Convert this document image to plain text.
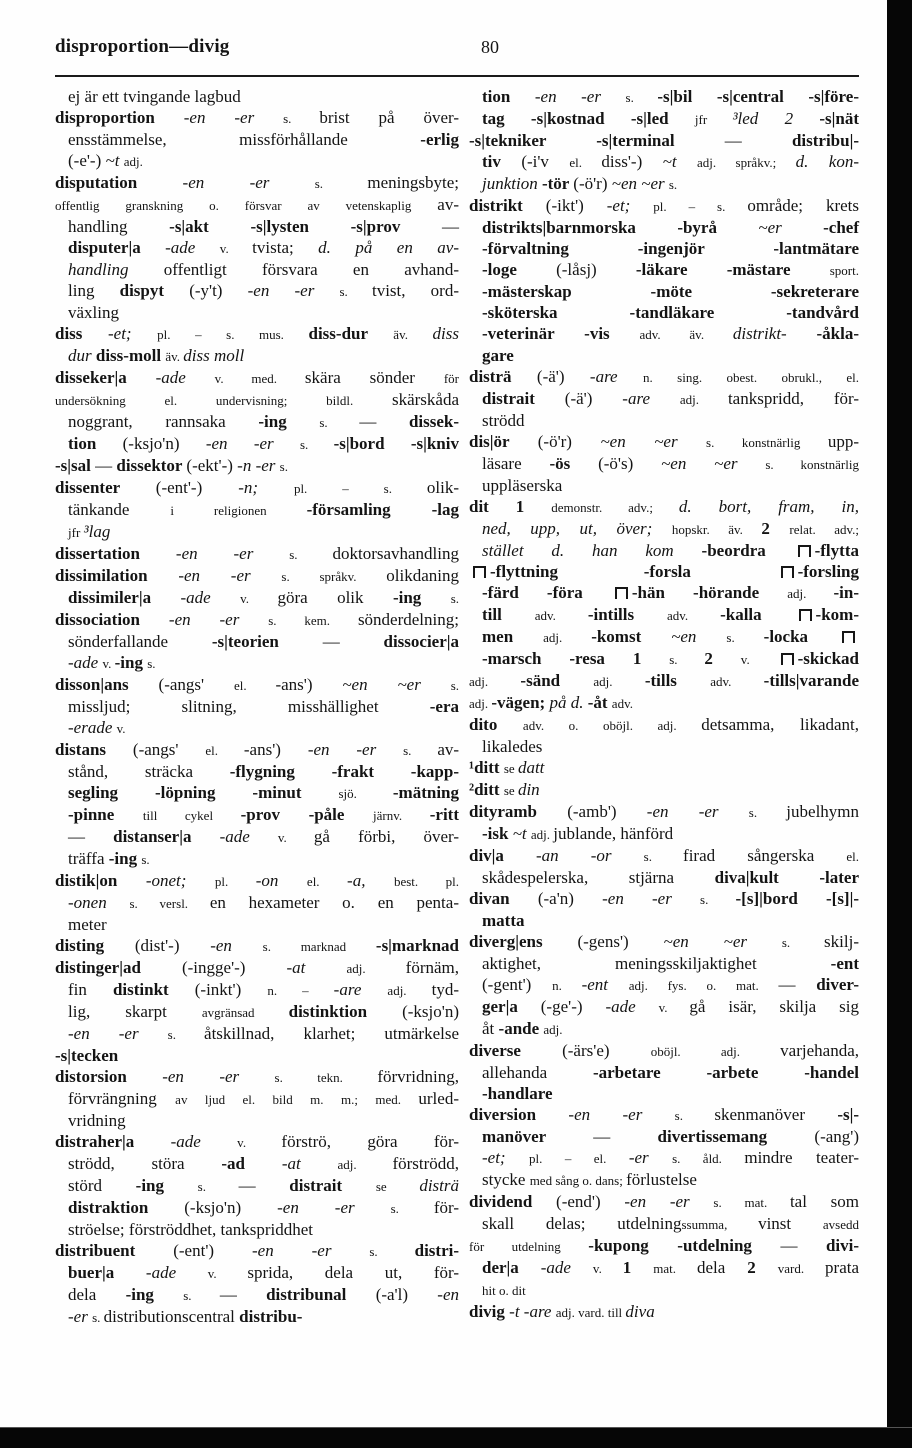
disproportion—divig	80
ej är ett tvingande lagbud
disproportion -en -er s. brist på över-
ensstämmelse, missförhållande -erlig
(-e'-) ~t adj.
disputation -en -er s. meningsbyte;
offentlig granskning o. försvar av vetenskaplig av-
handling -s|akt -s|lysten -s|prov —
disputer|a -ade v. tvista; d. på en av-
handling offentligt försvara en avhand-
ling dispyt (-y't) -en -er s. tvist, ord-
växling
diss -et; pl. – s. mus. diss-dur äv. diss
dur diss-moll äv. diss moll
disseker|a -ade v. med. skära sönder för
undersökning el. undervisning; bildl. skärskåda
noggrant, rannsaka -ing s. — dissek-
tion (-ksjo'n) -en -er s. -s|bord -s|kniv
-s|sal — dissektor (-ekt'-) -n -er s.
dissenter (-ent'-) -n; pl. – s. olik-
tänkande i religionen -församling -lag
jfr ³lag
dissertation -en -er s. doktorsavhandling
dissimilation -en -er s. språkv. olikdaning
dissimiler|a -ade v. göra olik -ing s.
dissociation -en -er s. kem. sönderdelning;
sönderfallande -s|teorien — dissocier|a
-ade v. -ing s.
disson|ans (-angs' el. -ans') ~en ~er s.
missljud; slitning, misshällighet -era
-erade v.
distans (-angs' el. -ans') -en -er s. av-
stånd, sträcka -flygning -frakt -kapp-
segling -löpning -minut sjö. -mätning
-pinne till cykel -prov -påle järnv. -ritt
— distanser|a -ade v. gå förbi, över-
träffa -ing s.
distik|on -onet; pl. -on el. -a, best. pl.
-onen s. versl. en hexameter o. en penta-
meter
disting (dist'-) -en s. marknad -s|marknad
distinger|ad (-ingge'-) -at adj. förnäm,
fin distinkt (-inkt') n. – -are adj. tyd-
lig, skarpt avgränsad distinktion (-ksjo'n)
-en -er s. åtskillnad, klarhet; utmärkelse
-s|tecken
distorsion -en -er s. tekn. förvridning,
förvrängning av ljud el. bild m. m.; med. urled-
vridning
distraher|a -ade v. förströ, göra för-
strödd, störa -ad -at adj. förströdd,
störd -ing s. — distrait se disträ
distraktion (-ksjo'n) -en -er s. för-
ströelse; förströddhet, tankspriddhet
distribuent (-ent') -en -er s. distri-
buer|a -ade v. sprida, dela ut, för-
dela -ing s. — distribunal (-a'l) -en
-er s. distributionscentral distribu-
tion -en -er s. -s|bil -s|central -s|före-
tag -s|kostnad -s|led jfr ³led 2 -s|nät
-s|tekniker -s|terminal — distribu|-
tiv (-i'v el. diss'-) ~t adj. språkv.; d. kon-
junktion -tör (-ö'r) ~en ~er s.
distrikt (-ikt') -et; pl. – s. område; krets
distrikts|barnmorska -byrå ~er -chef
-förvaltning -ingenjör -lantmätare
-loge (-låsj) -läkare -mästare sport.
-mästerskap -möte -sekreterare
-sköterska -tandläkare -tandvård
-veterinär -vis adv. äv. distrikt- -åkla-
gare
disträ (-ä') -are n. sing. obest. obrukl., el.
distrait (-ä') -are adj. tankspridd, för-
strödd
dis|ör (-ö'r) ~en ~er s. konstnärlig upp-
läsare -ös (-ö's) ~en ~er s. konstnärlig
uppläserska
dit 1 demonstr. adv.; d. bort, fram, in,
ned, upp, ut, över; hopskr. äv. 2 relat. adv.;
stället d. han kom -beordra -flytta
-flyttning -forsla -forsling
-färd -föra -hän -hörande adj. -in-
till adv. -intills adv. -kalla -kom-
men adj. -komst ~en s. -locka
-marsch -resa 1 s. 2 v. -skickad
adj. -sänd adj. -tills adv. -tills|varande
adj. -vägen; på d. -åt adv.
dito adv. o. oböjl. adj. detsamma, likadant,
likaledes
¹ditt se datt
²ditt se din
dityramb (-amb') -en -er s. jubelhymn
-isk ~t adj. jublande, hänförd
div|a -an -or s. firad sångerska el.
skådespelerska, stjärna diva|kult -later
divan (-a'n) -en -er s. -[s]|bord -[s]|-
matta
diverg|ens (-gens') ~en ~er s. skilj-
aktighet, meningsskiljaktighet -ent
(-gent') n. -ent adj. fys. o. mat. — diver-
ger|a (-ge'-) -ade v. gå isär, skilja sig
åt -ande adj.
diverse (-ärs'e) oböjl. adj. varjehanda,
allehanda -arbetare -arbete -handel
-handlare
diversion -en -er s. skenmanöver -s|-
manöver — divertissemang (-ang')
-et; pl. – el. -er s. åld. mindre teater-
stycke med sång o. dans; förlustelse
dividend (-end') -en -er s. mat. tal som
skall delas; utdelningssumma, vinst avsedd
för utdelning -kupong -utdelning — divi-
der|a -ade v. 1 mat. dela 2 vard. prata
hit o. dit
divig -t -are adj. vard. till diva
